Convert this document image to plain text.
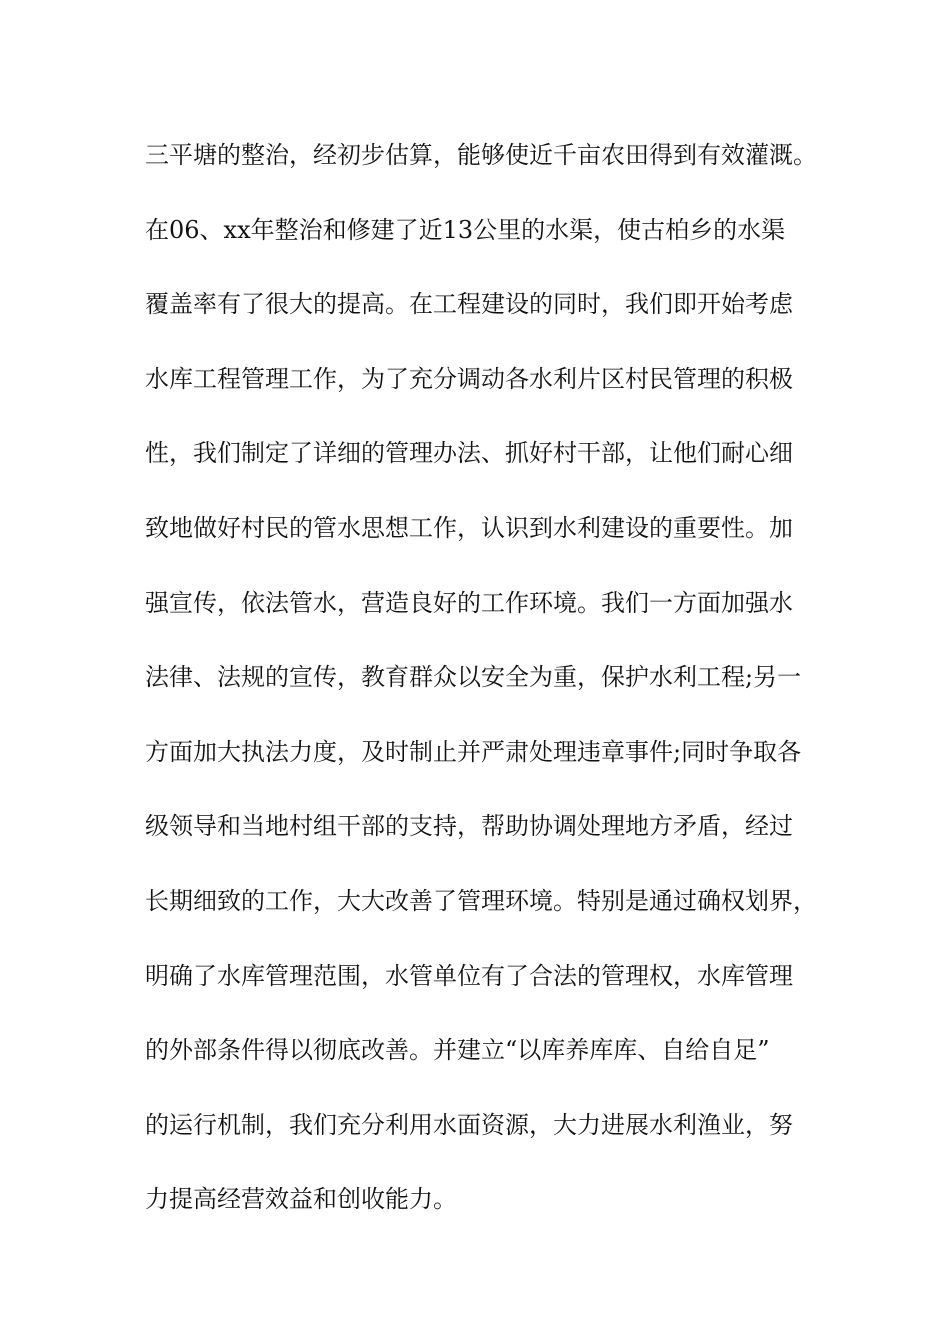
三平塘的整治，经初步估算，能够使近千亩农田得到有效灌溉。
在06、xx年整治和修建了近13公里的水渠，使古柏乡的水渠
覆盖率有了很大的提高。在工程建设的同时，我们即开始考虑
水库工程管理工作，为了充分调动各水利片区村民管理的积极
性，我们制定了详细的管理办法、抓好村干部，让他们耐心细
致地做好村民的管水思想工作，认识到水利建设的重要性。加
强宣传，依法管水，营造良好的工作环境。我们一方面加强水
法律、法规的宣传，教育群众以安全为重，保护水利工程;另一
方面加大执法力度，及时制止并严肃处理违章事件;同时争取各
级领导和当地村组干部的支持，帮助协调处理地方矛盾，经过
长期细致的工作，大大改善了管理环境。特别是通过确权划界，
明确了水库管理范围，水管单位有了合法的管理权，水库管理
的外部条件得以彻底改善。并建立“以库养库库、自给自足”
的运行机制，我们充分利用水面资源，大力进展水利渔业，努
力提高经营效益和创收能力。
